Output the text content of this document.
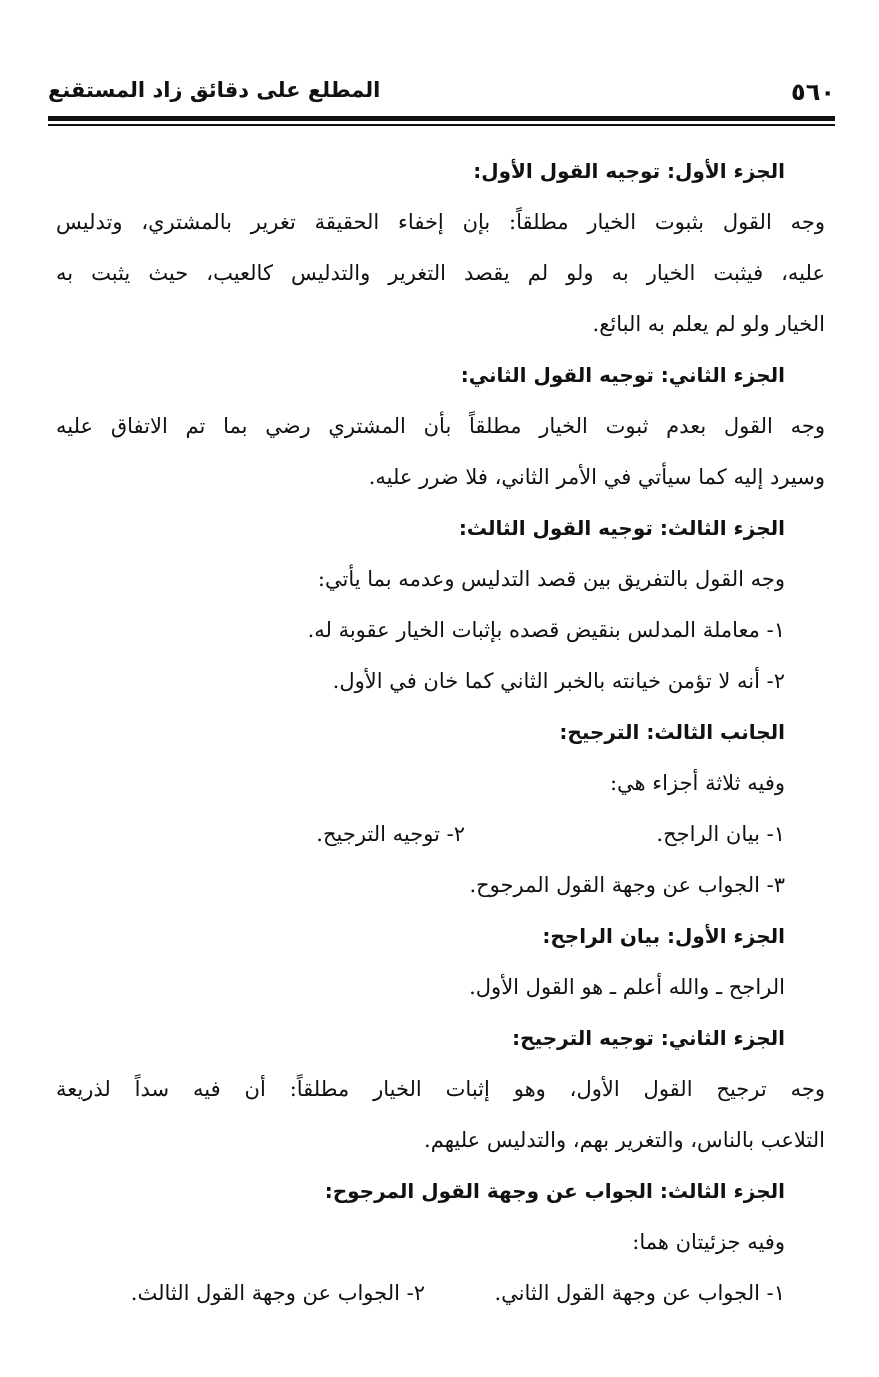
٥٦٠
المطلع على دقائق زاد المستقنع
الجزء الأول: توجيه القول الأول:
وجه القول بثبوت الخيار مطلقاً: بإن إخفاء الحقيقة تغرير بالمشتري، وتدليس
عليه، فيثبت الخيار به ولو لم يقصد التغرير والتدليس كالعيب، حيث يثبت به
الخيار ولو لم يعلم به البائع.
الجزء الثاني: توجيه القول الثاني:
وجه القول بعدم ثبوت الخيار مطلقاً بأن المشتري رضي بما تم الاتفاق عليه
وسيرد إليه كما سيأتي في الأمر الثاني، فلا ضرر عليه.
الجزء الثالث: توجيه القول الثالث:
وجه القول بالتفريق بين قصد التدليس وعدمه بما يأتي:
١- معاملة المدلس بنقيض قصده بإثبات الخيار عقوبة له.
٢- أنه لا تؤمن خيانته بالخبر الثاني كما خان في الأول.
الجانب الثالث: الترجيح:
وفيه ثلاثة أجزاء هي:
١- بيان الراجح.
٢- توجيه الترجيح.
٣- الجواب عن وجهة القول المرجوح.
الجزء الأول: بيان الراجح:
الراجح ـ والله أعلم ـ هو القول الأول.
الجزء الثاني: توجيه الترجيح:
وجه ترجيح القول الأول، وهو إثبات الخيار مطلقاً: أن فيه سداً لذريعة
التلاعب بالناس، والتغرير بهم، والتدليس عليهم.
الجزء الثالث: الجواب عن وجهة القول المرجوح:
وفيه جزئيتان هما:
١- الجواب عن وجهة القول الثاني.
٢- الجواب عن وجهة القول الثالث.
